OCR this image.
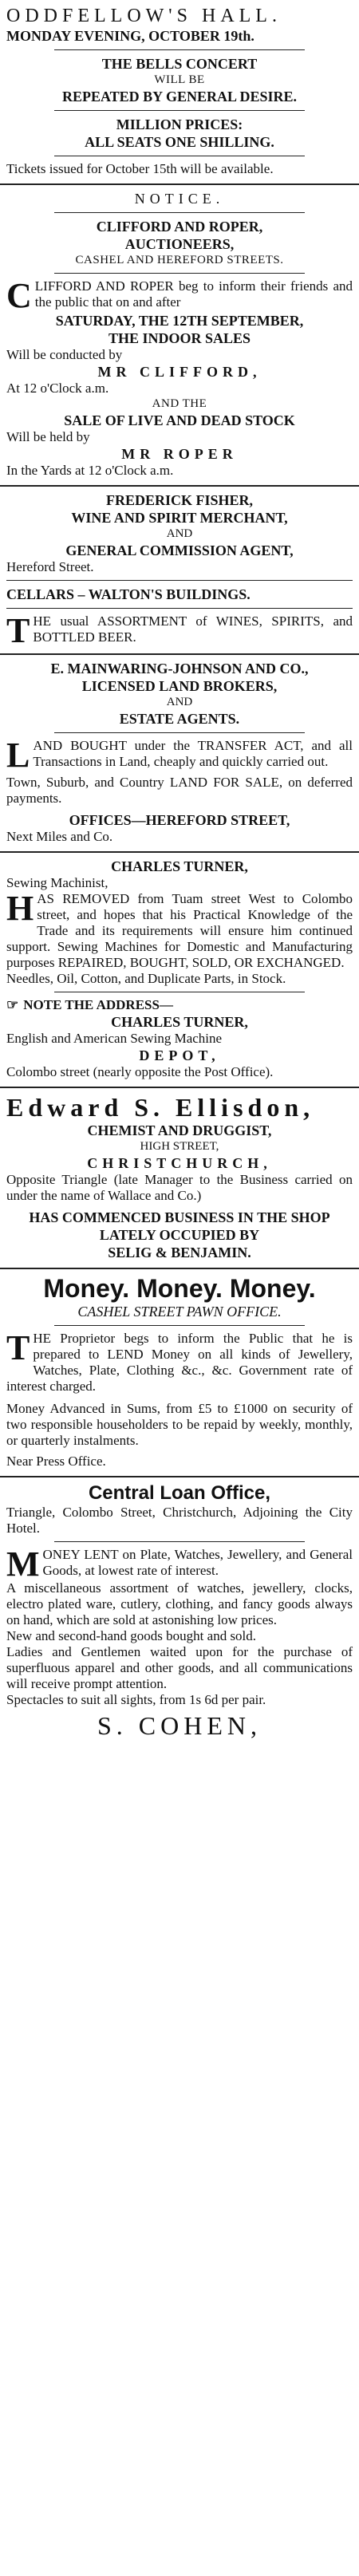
ODDFELLOW'S HALL.
MONDAY EVENING, OCTOBER 19th.
THE BELLS CONCERT
WILL BE
REPEATED BY GENERAL DESIRE.
MILLION PRICES:
ALL SEATS ONE SHILLING.
Tickets issued for October 15th will be available.
NOTICE.
CLIFFORD AND ROPER,
AUCTIONEERS,
CASHEL AND HEREFORD STREETS.
CLIFFORD AND ROPER beg to inform their friends and the public that on and after
SATURDAY, THE 12TH SEPTEMBER,
THE INDOOR SALES
Will be conducted by
MR CLIFFORD,
At 12 o'Clock a.m.
AND THE
SALE OF LIVE AND DEAD STOCK
Will be held by
MR ROPER
In the Yards at 12 o'Clock a.m.
FREDERICK FISHER,
WINE AND SPIRIT MERCHANT,
AND
GENERAL COMMISSION AGENT,
Hereford Street.
CELLARS – WALTON'S BUILDINGS.
THE usual ASSORTMENT of WINES, SPIRITS, and BOTTLED BEER.
E. MAINWARING-JOHNSON AND CO.,
LICENSED LAND BROKERS,
AND
ESTATE AGENTS.
LAND BOUGHT under the TRANSFER ACT, and all Transactions in Land, cheaply and quickly carried out.
Town, Suburb, and Country LAND FOR SALE, on deferred payments.
OFFICES—HEREFORD STREET,
Next Miles and Co.
CHARLES TURNER,
Sewing Machinist,
HAS REMOVED from Tuam street West to Colombo street, and hopes that his Practical Knowledge of the Trade and its requirements will ensure him continued support. Sewing Machines for Domestic and Manufacturing purposes REPAIRED, BOUGHT, SOLD, OR EXCHANGED.
Needles, Oil, Cotton, and Duplicate Parts, in Stock.
☞ NOTE THE ADDRESS—
CHARLES TURNER,
English and American Sewing Machine
DEPOT,
Colombo street (nearly opposite the Post Office).
Edward S. Ellisdon,
CHEMIST AND DRUGGIST,
HIGH STREET,
CHRISTCHURCH,
Opposite Triangle (late Manager to the Business carried on under the name of Wallace and Co.)
HAS COMMENCED BUSINESS IN THE SHOP LATELY OCCUPIED BY
SELIG & BENJAMIN.
Money. Money. Money.
CASHEL STREET PAWN OFFICE.
THE Proprietor begs to inform the Public that he is prepared to LEND Money on all kinds of Jewellery, Watches, Plate, Clothing &c., &c. Government rate of interest charged.
Money Advanced in Sums, from £5 to £1000 on security of two responsible householders to be repaid by weekly, monthly, or quarterly instalments.
Near Press Office.
Central Loan Office,
Triangle, Colombo Street, Christchurch, Adjoining the City Hotel.
MONEY LENT on Plate, Watches, Jewellery, and General Goods, at lowest rate of interest.
A miscellaneous assortment of watches, jewellery, clocks, electro plated ware, cutlery, clothing, and fancy goods always on hand, which are sold at astonishing low prices.
New and second-hand goods bought and sold.
Ladies and Gentlemen waited upon for the purchase of superfluous apparel and other goods, and all communications will receive prompt attention.
Spectacles to suit all sights, from 1s 6d per pair.
S. COHEN,
